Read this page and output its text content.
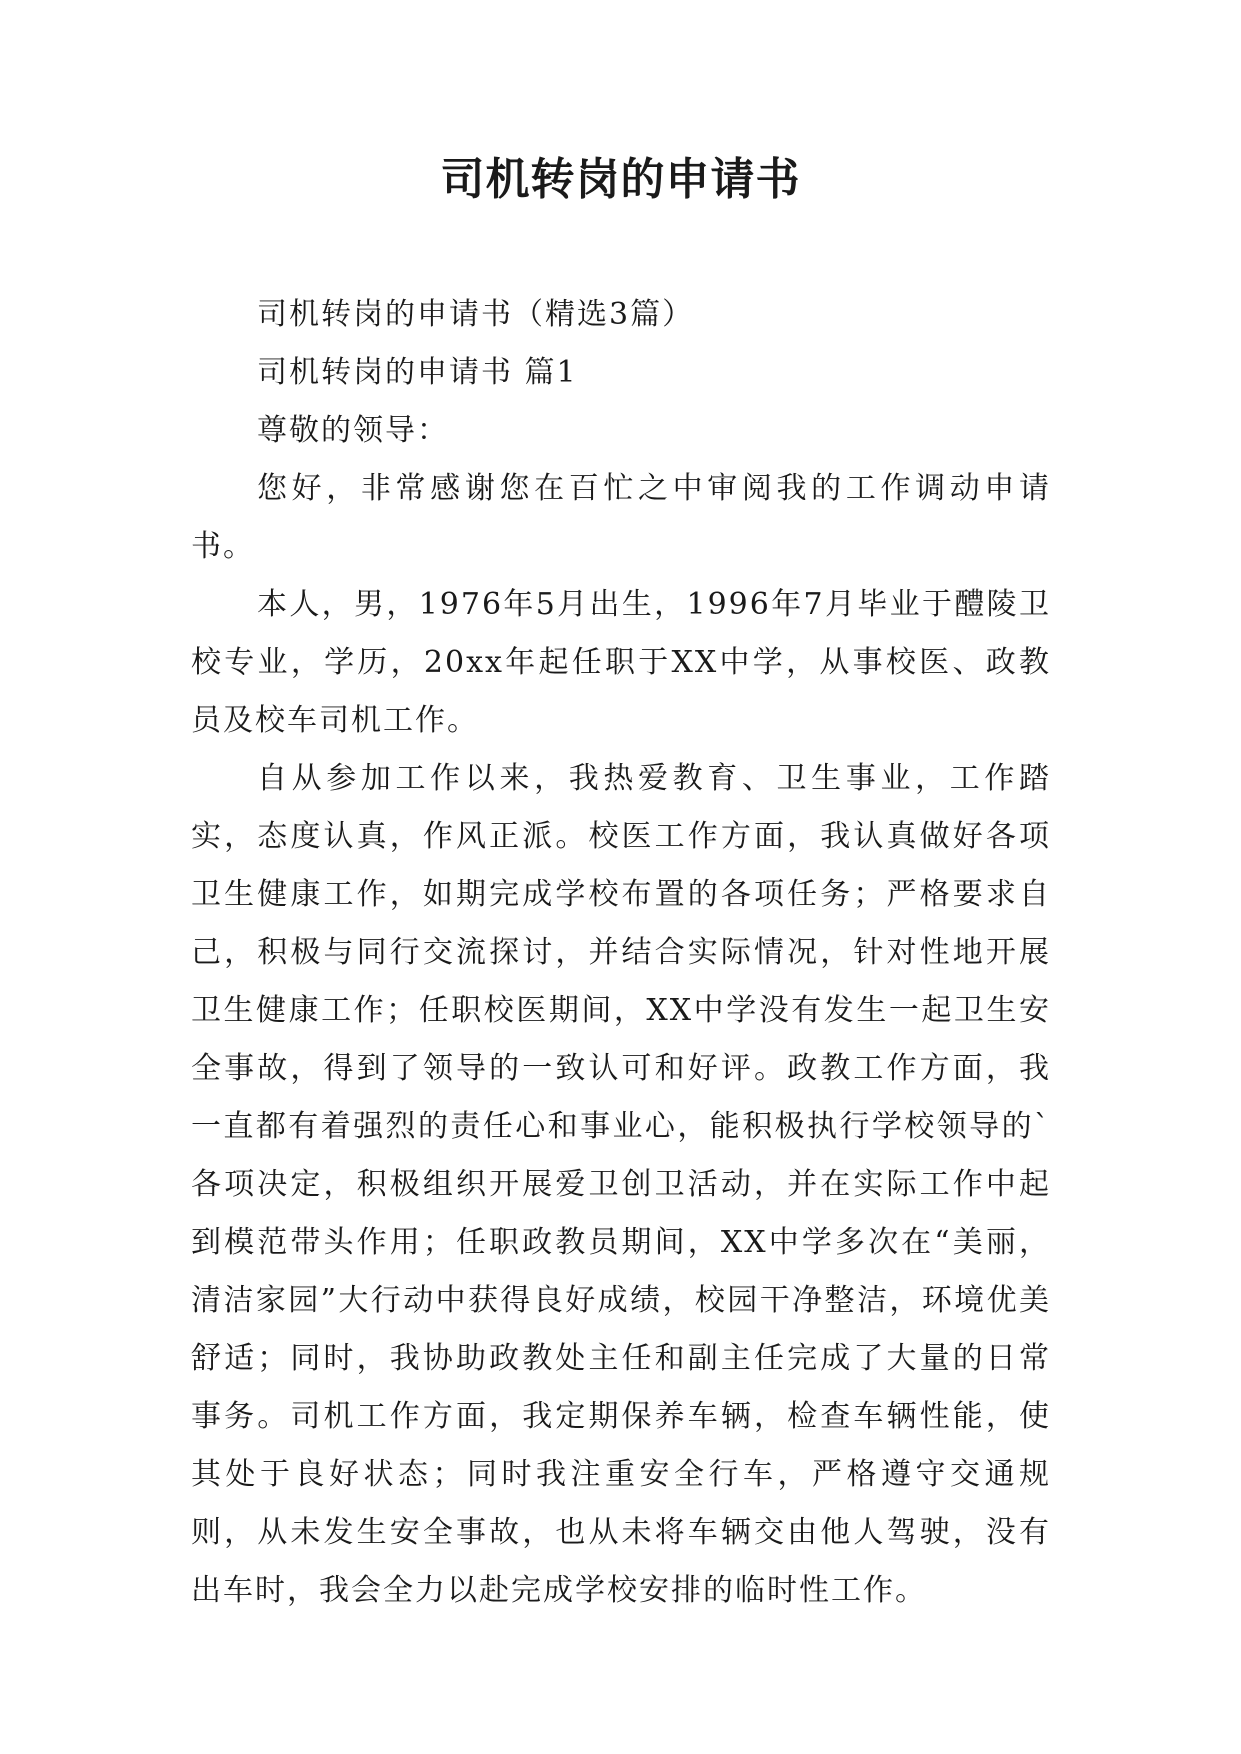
司机转岗的申请书

司机转岗的申请书（精选3篇）

司机转岗的申请书 篇1

尊敬的领导：

您好，非常感谢您在百忙之中审阅我的工作调动申请书。

本人，男，1976年5月出生，1996年7月毕业于醴陵卫校专业，学历，20xx年起任职于XX中学，从事校医、政教员及校车司机工作。

自从参加工作以来，我热爱教育、卫生事业，工作踏实，态度认真，作风正派。校医工作方面，我认真做好各项卫生健康工作，如期完成学校布置的各项任务；严格要求自己，积极与同行交流探讨，并结合实际情况，针对性地开展卫生健康工作；任职校医期间，XX中学没有发生一起卫生安全事故，得到了领导的一致认可和好评。政教工作方面，我一直都有着强烈的责任心和事业心，能积极执行学校领导的`各项决定，积极组织开展爱卫创卫活动，并在实际工作中起到模范带头作用；任职政教员期间，XX中学多次在“美丽，清洁家园”大行动中获得良好成绩，校园干净整洁，环境优美舒适；同时，我协助政教处主任和副主任完成了大量的日常事务。司机工作方面，我定期保养车辆，检查车辆性能，使其处于良好状态；同时我注重安全行车，严格遵守交通规则，从未发生安全事故，也从未将车辆交由他人驾驶，没有出车时，我会全力以赴完成学校安排的临时性工作。
